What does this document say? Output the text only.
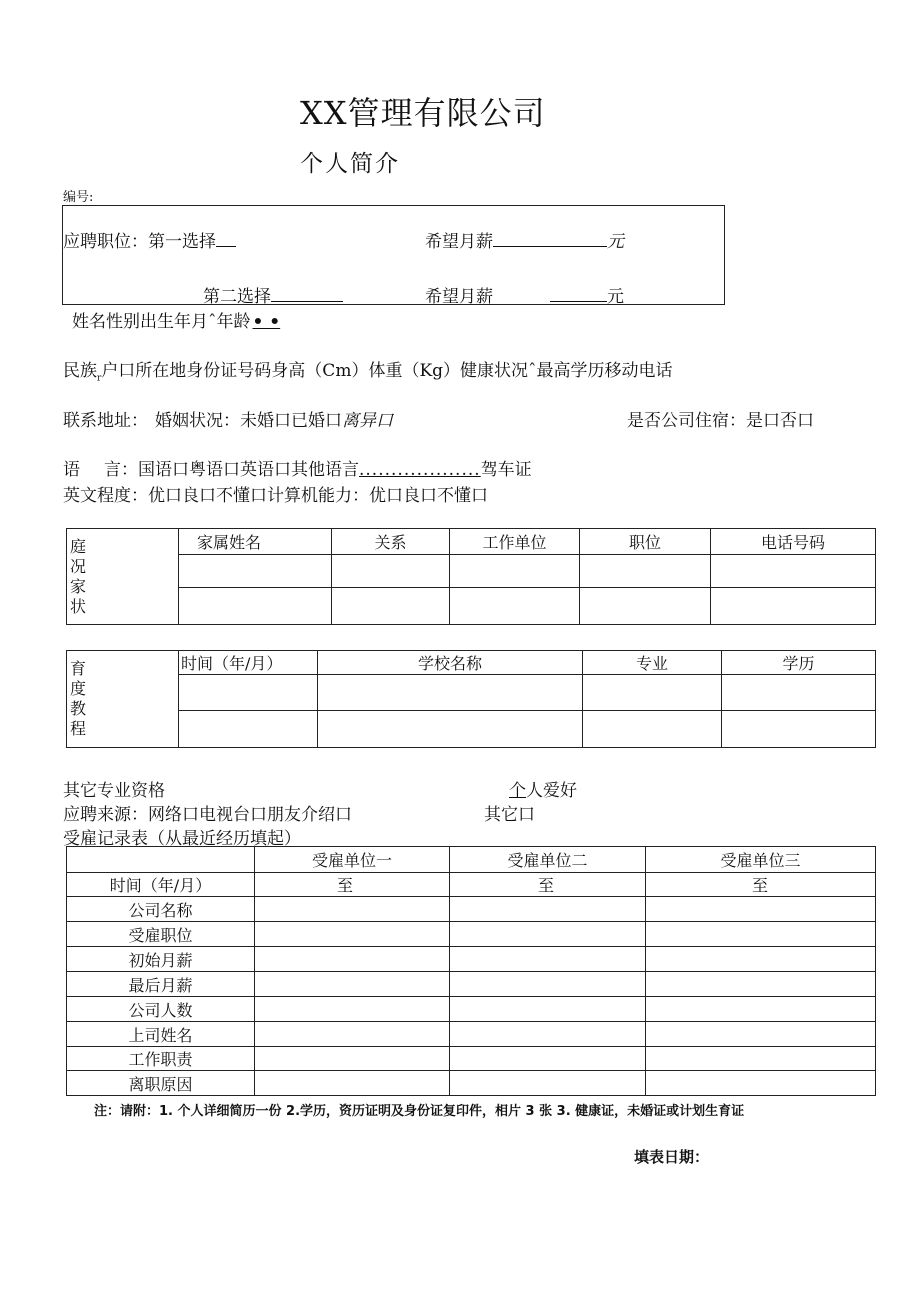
XX管理有限公司
个人简介
编号:
应聘职位：第一选择	希望月薪	元
第二选择	希望月薪	元
姓名性别出生年月ˆ年龄 • •
民族$_r$户口所在地身份证号码身高（Cm）体重（Kg）健康状况ˆ最高学历移动电话
联系地址： 婚姻状况：未婚口已婚口离异口	是否公司住宿：是口否口
语 言：国语口粤语口英语口其他语言...................驾车证
英文程度：优口良口不懂口计算机能力：优口良口不懂口
庭
况
家
状	家属姓名	关系	工作单位	职位	电话号码

育
度
教
程	时间（年/月）	学校名称	专业	学历

其它专业资格	个人爱好
应聘来源：网络口电视台口朋友介绍口	其它口
受雇记录表（从最近经历填起）
	受雇单位一	受雇单位二	受雇单位三
时间（年/月）	至	至	至
公司名称			
受雇职位			
初始月薪			
最后月薪			
公司人数			
上司姓名			
工作职责			
离职原因			
注：请附：1. 个人详细简历一份 2.学历，资历证明及身份证复印件，相片 3 张 3. 健康证，未婚证或计划生育证
填表日期：
